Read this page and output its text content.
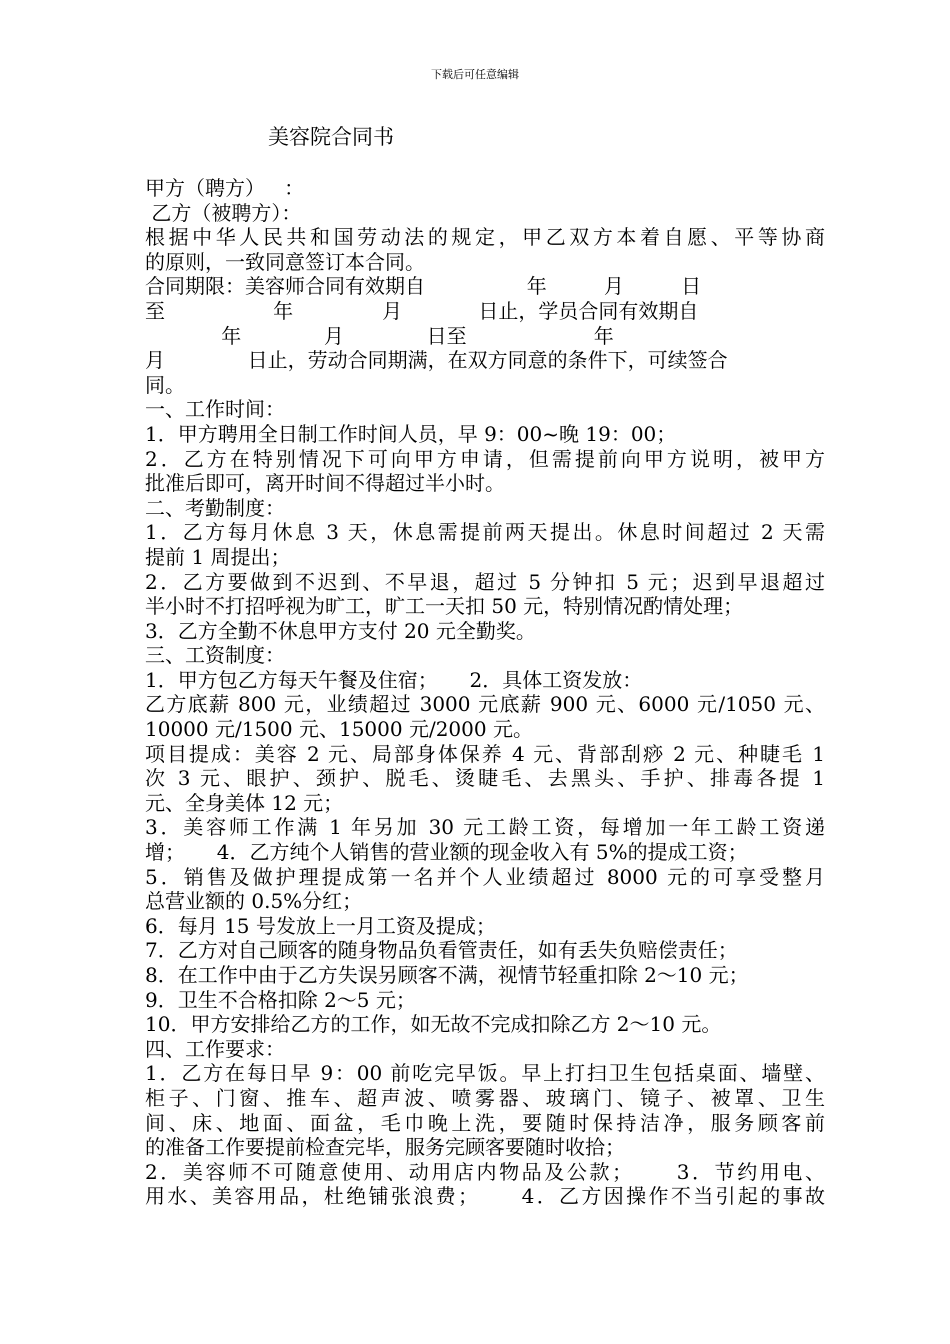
下载后可任意编辑
美容院合同书
甲方（聘方）   ：
乙方（被聘方）：
根据中华人民共和国劳动法的规定，甲乙双方本着自愿、平等协商
的原则，一致同意签订本合同。
合同期限：美容师合同有效期自                年         月         日
至                 年              月            日止，学员合同有效期自
年             月             日至                    年
月             日止，劳动合同期满，在双方同意的条件下，可续签合
同。
一、工作时间：
1．甲方聘用全日制工作时间人员，早 9：00~晚 19：00；
2．乙方在特别情况下可向甲方申请，但需提前向甲方说明，被甲方
批准后即可，离开时间不得超过半小时。
二、考勤制度：
1．乙方每月休息 3 天，休息需提前两天提出。休息时间超过 2 天需
提前 1 周提出；
2．乙方要做到不迟到、不早退，超过 5 分钟扣 5 元；迟到早退超过
半小时不打招呼视为旷工，旷工一天扣 50 元，特别情况酌情处理；
3．乙方全勤不休息甲方支付 20 元全勤奖。
三、工资制度：
1．甲方包乙方每天午餐及住宿；     2．具体工资发放：
乙方底薪 800 元，业绩超过 3000 元底薪 900 元、6000 元/1050 元、
10000 元/1500 元、15000 元/2000 元。
项目提成：美容 2 元、局部身体保养 4 元、背部刮痧 2 元、种睫毛 1
次 3 元、眼护、颈护、脱毛、烫睫毛、去黑头、手护、排毒各提 1
元、全身美体 12 元；
3．美容师工作满 1 年另加 30 元工龄工资，每增加一年工龄工资递
增；     4．乙方纯个人销售的营业额的现金收入有 5%的提成工资；
5．销售及做护理提成第一名并个人业绩超过 8000 元的可享受整月
总营业额的 0.5%分红；
6．每月 15 号发放上一月工资及提成；
7．乙方对自己顾客的随身物品负看管责任，如有丢失负赔偿责任；
8．在工作中由于乙方失误另顾客不满，视情节轻重扣除 2～10 元；
9．卫生不合格扣除 2～5 元；
10．甲方安排给乙方的工作，如无故不完成扣除乙方 2～10 元。
四、工作要求：
1．乙方在每日早 9：00 前吃完早饭。早上打扫卫生包括桌面、墙壁、
柜子、门窗、推车、超声波、喷雾器、玻璃门、镜子、被罩、卫生
间、床、地面、面盆，毛巾晚上洗，要随时保持洁净，服务顾客前
的准备工作要提前检查完毕，服务完顾客要随时收拾；
2．美容师不可随意使用、动用店内物品及公款；     3．节约用电、
用水、美容用品，杜绝铺张浪费；     4．乙方因操作不当引起的事故
